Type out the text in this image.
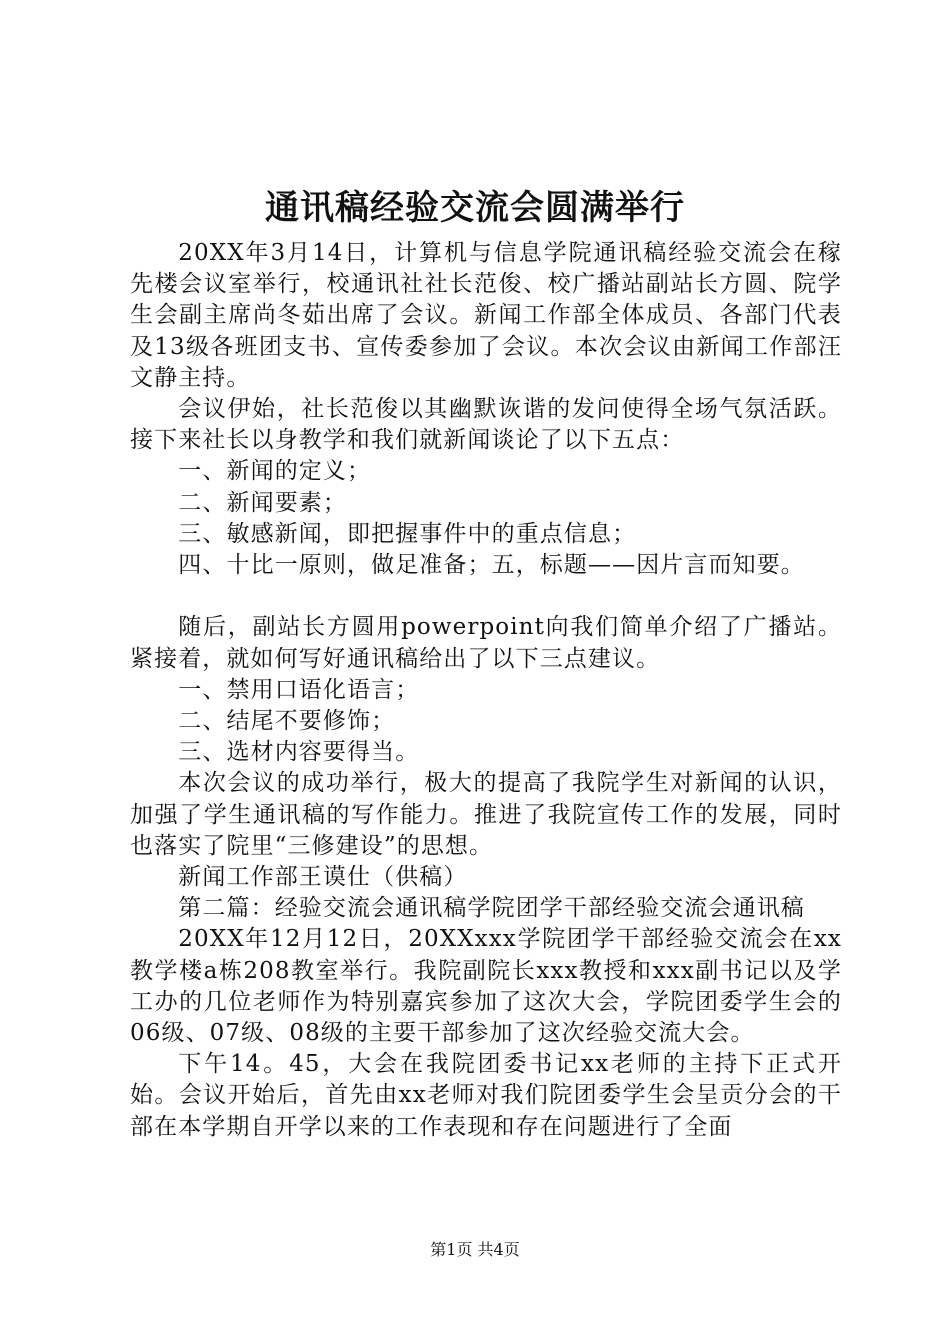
通讯稿经验交流会圆满举行

20XX年3月14日，计算机与信息学院通讯稿经验交流会在稼先楼会议室举行，校通讯社社长范俊、校广播站副站长方圆、院学生会副主席尚冬茹出席了会议。新闻工作部全体成员、各部门代表及13级各班团支书、宣传委参加了会议。本次会议由新闻工作部汪文静主持。

会议伊始，社长范俊以其幽默诙谐的发问使得全场气氛活跃。接下来社长以身教学和我们就新闻谈论了以下五点：

一、新闻的定义；

二、新闻要素；

三、敏感新闻，即把握事件中的重点信息；

四、十比一原则，做足准备；五，标题——因片言而知要。

随后，副站长方圆用powerpoint向我们简单介绍了广播站。紧接着，就如何写好通讯稿给出了以下三点建议。

一、禁用口语化语言；

二、结尾不要修饰；

三、选材内容要得当。

本次会议的成功举行，极大的提高了我院学生对新闻的认识，加强了学生通讯稿的写作能力。推进了我院宣传工作的发展，同时也落实了院里“三修建设”的思想。

新闻工作部王谟仕（供稿）

第二篇：经验交流会通讯稿学院团学干部经验交流会通讯稿

20XX年12月12日，20XXxxx学院团学干部经验交流会在xx教学楼a栋208教室举行。我院副院长xxx教授和xxx副书记以及学工办的几位老师作为特别嘉宾参加了这次大会，学院团委学生会的06级、07级、08级的主要干部参加了这次经验交流大会。

下午14。45，大会在我院团委书记xx老师的主持下正式开始。会议开始后，首先由xx老师对我们院团委学生会呈贡分会的干部在本学期自开学以来的工作表现和存在问题进行了全面

第1页 共4页
